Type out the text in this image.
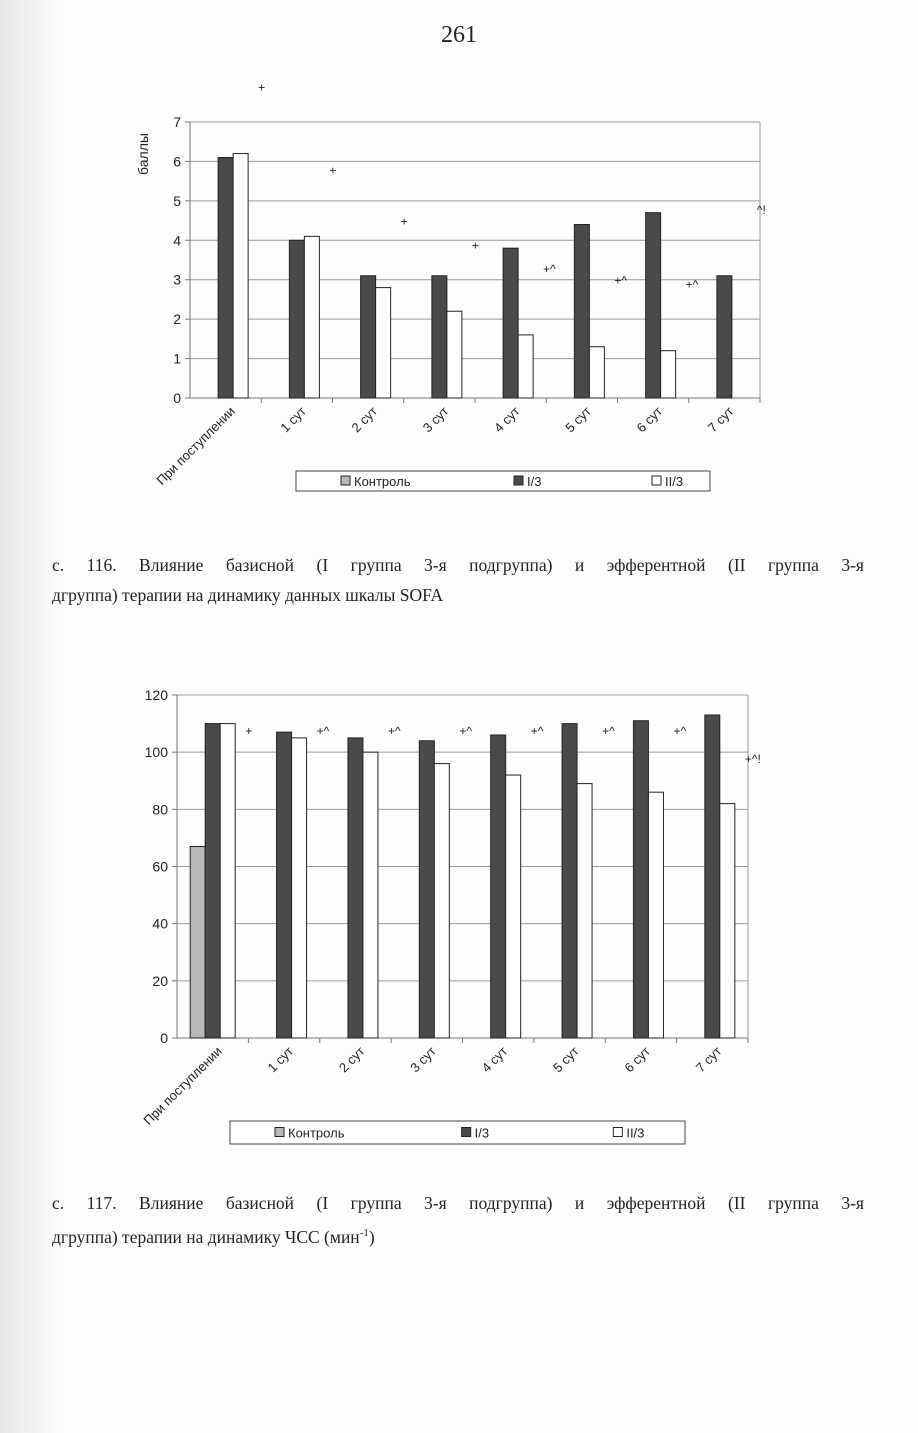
261
0
1
2
3
4
5
6
7
баллы
+
При поступлении
+
1 сут
+
2 сут
+
3 сут
+^
4 сут
+^
5 сут
+^
6 сут
^!
7 сут
Контроль	I/3	II/3
с. 116. Влияние базисной (I группа 3-я подгруппа) и эфферентной (II группа 3-я
дгруппа) терапии на динамику данных шкалы SOFA
0
20
40
60
80
100
120
+
При поступлении
+^
1 сут
+^
2 сут
+^
3 сут
+^
4 сут
+^
5 сут
+^
6 сут
+^!
7 сут
Контроль	I/3	II/3
с. 117. Влияние базисной (I группа 3-я подгруппа) и эфферентной (II группа 3-я
дгруппа) терапии на динамику ЧСС (мин$^{-1}$)
